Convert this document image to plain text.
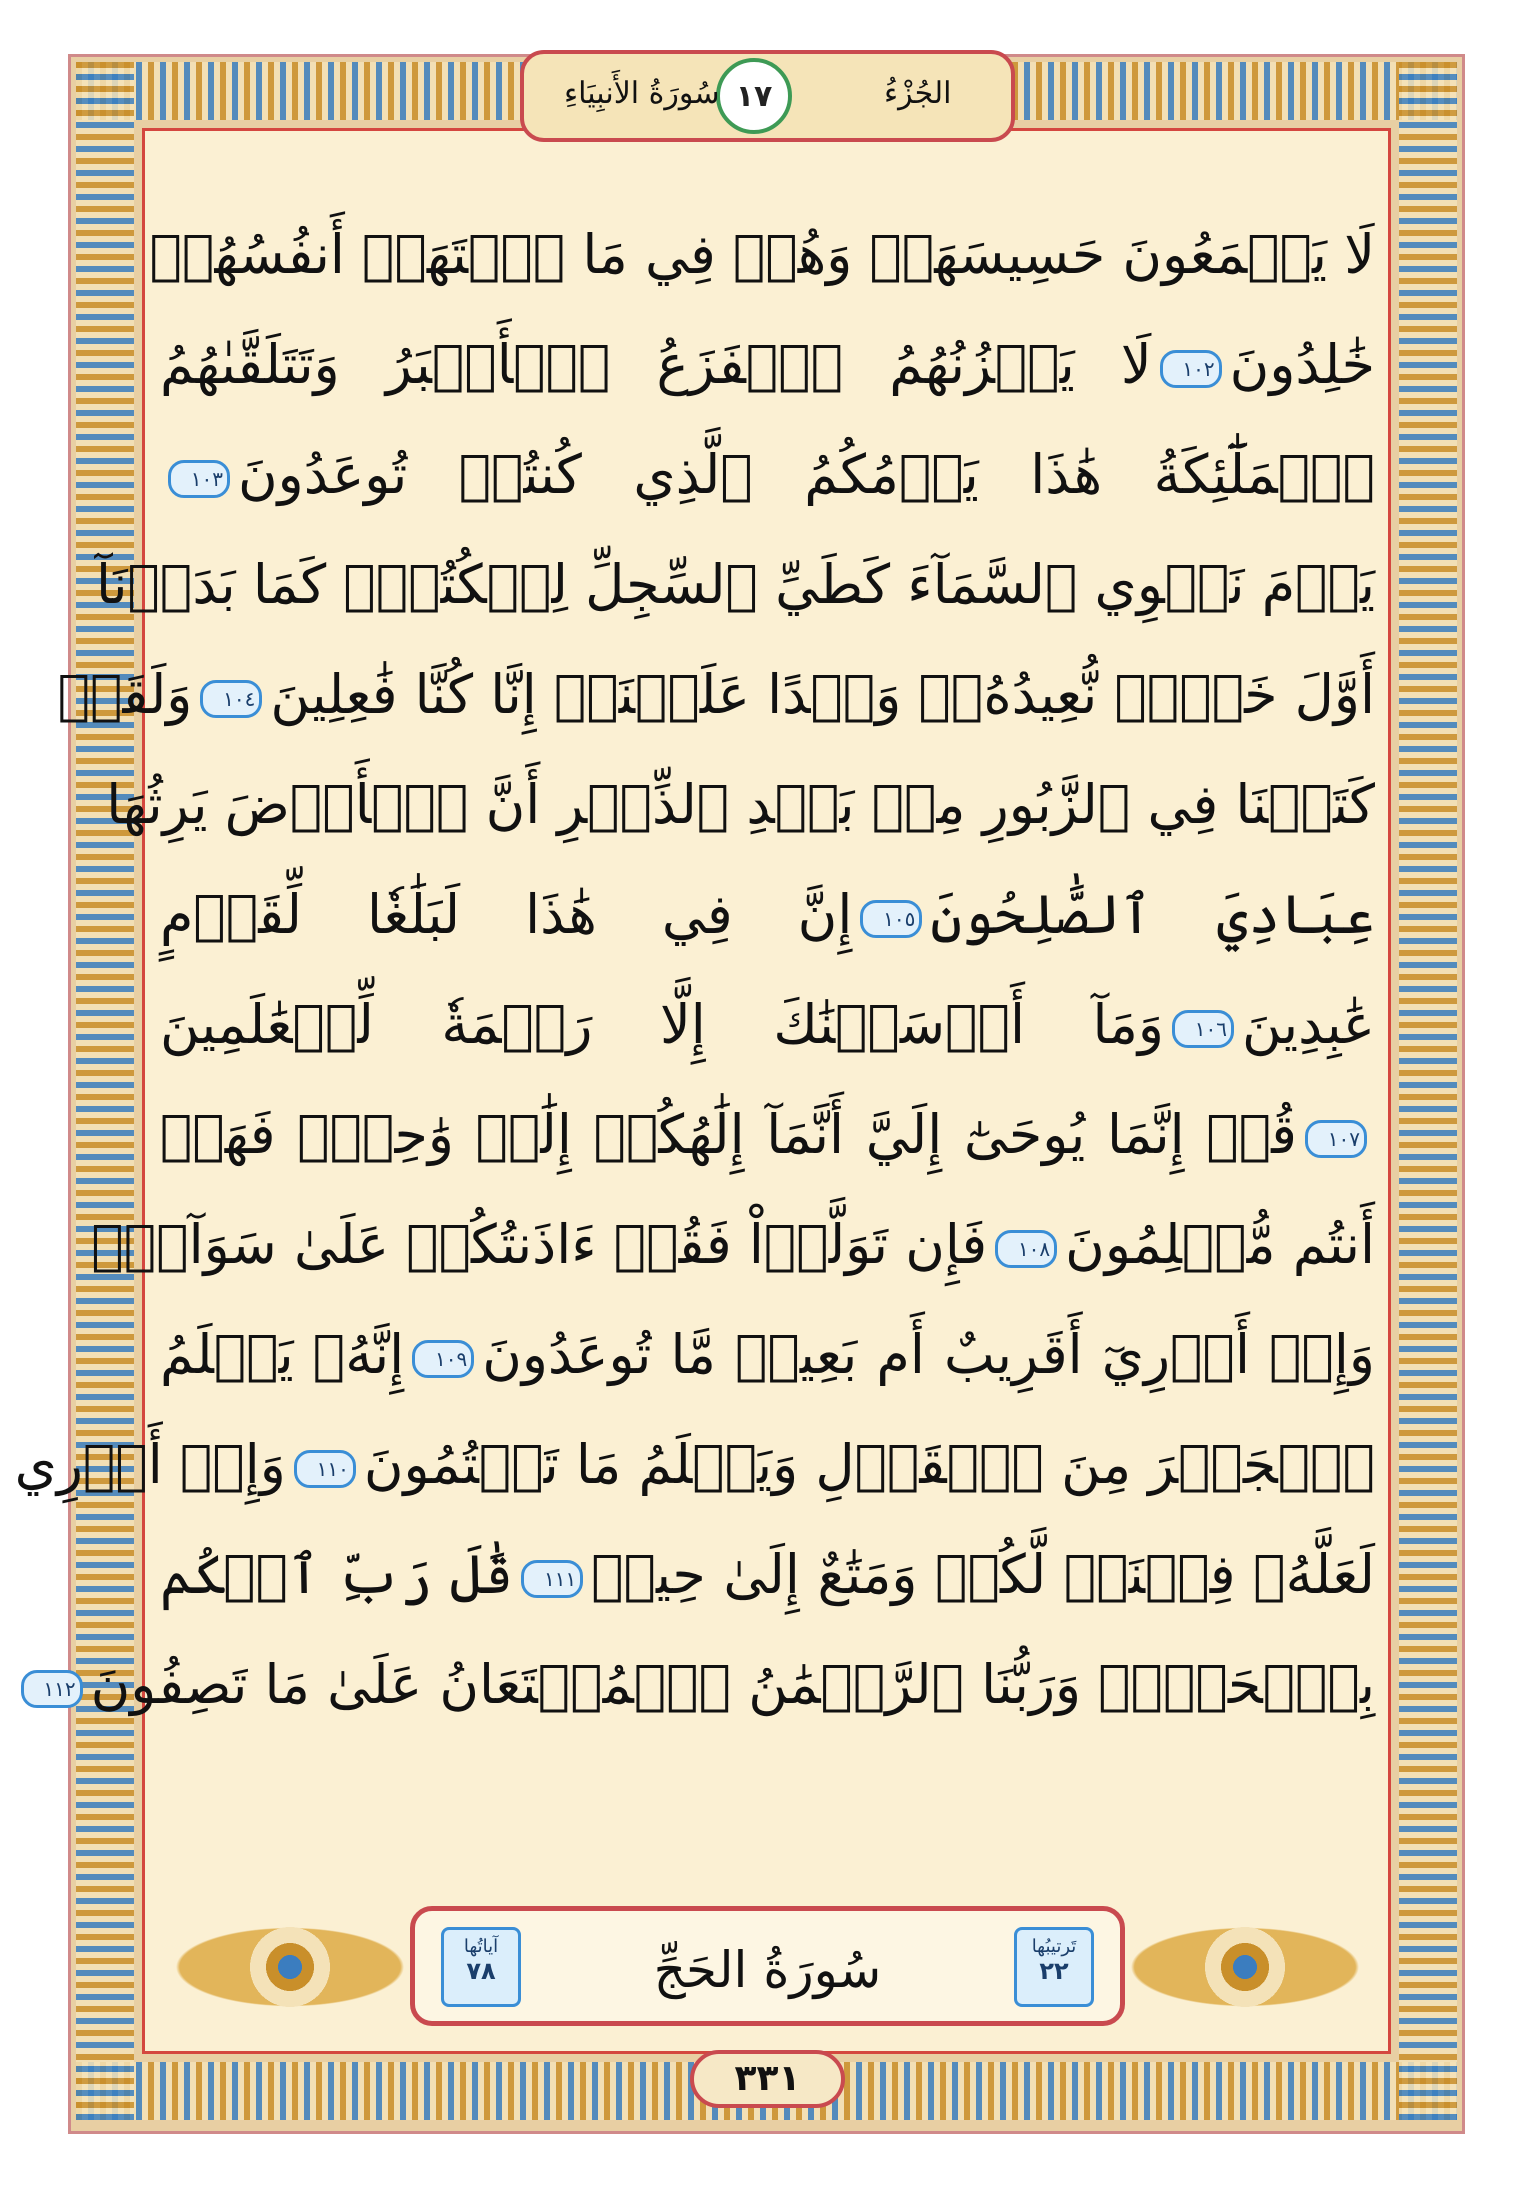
الجُزْءُ
١٧
سُورَةُ الأَنبِيَاءِ
لَا يَسۡمَعُونَ حَسِيسَهَاۖ وَهُمۡ فِي مَا ٱشۡتَهَتۡ أَنفُسُهُمۡ
خَٰلِدُونَ١٠٢لَا يَحۡزُنُهُمُ ٱلۡفَزَعُ ٱلۡأَكۡبَرُ وَتَتَلَقَّىٰهُمُ
ٱلۡمَلَٰٓئِكَةُ هَٰذَا يَوۡمُكُمُ ٱلَّذِي كُنتُمۡ تُوعَدُونَ١٠٣
يَوۡمَ نَطۡوِي ٱلسَّمَآءَ كَطَيِّ ٱلسِّجِلِّ لِلۡكُتُبِۚ كَمَا بَدَأۡنَآ
أَوَّلَ خَلۡقٖ نُّعِيدُهُۥۚ وَعۡدًا عَلَيۡنَآۚ إِنَّا كُنَّا فَٰعِلِينَ١٠٤وَلَقَدۡ
كَتَبۡنَا فِي ٱلزَّبُورِ مِنۢ بَعۡدِ ٱلذِّكۡرِ أَنَّ ٱلۡأَرۡضَ يَرِثُهَا
عِبَادِيَ ٱلصَّٰلِحُونَ١٠٥إِنَّ فِي هَٰذَا لَبَلَٰغٗا لِّقَوۡمٍ
عَٰبِدِينَ١٠٦وَمَآ أَرۡسَلۡنَٰكَ إِلَّا رَحۡمَةٗ لِّلۡعَٰلَمِينَ
١٠٧قُلۡ إِنَّمَا يُوحَىٰٓ إِلَيَّ أَنَّمَآ إِلَٰهُكُمۡ إِلَٰهٞ وَٰحِدٞۖ فَهَلۡ
أَنتُم مُّسۡلِمُونَ١٠٨فَإِن تَوَلَّوۡاْ فَقُلۡ ءَاذَنتُكُمۡ عَلَىٰ سَوَآءٖۖ
وَإِنۡ أَدۡرِيٓ أَقَرِيبٌ أَم بَعِيدٞ مَّا تُوعَدُونَ١٠٩إِنَّهُۥ يَعۡلَمُ
ٱلۡجَهۡرَ مِنَ ٱلۡقَوۡلِ وَيَعۡلَمُ مَا تَكۡتُمُونَ١١٠وَإِنۡ أَدۡرِي
لَعَلَّهُۥ فِتۡنَةٞ لَّكُمۡ وَمَتَٰعٌ إِلَىٰ حِينٖ١١١قَٰلَ رَبِّ ٱحۡكُم
بِٱلۡحَقِّۗ وَرَبُّنَا ٱلرَّحۡمَٰنُ ٱلۡمُسۡتَعَانُ عَلَىٰ مَا تَصِفُونَ١١٢
آياتُها
٧٨	سُورَةُ الحَجِّ	تَرتيبُها
٢٢
٣٣١
